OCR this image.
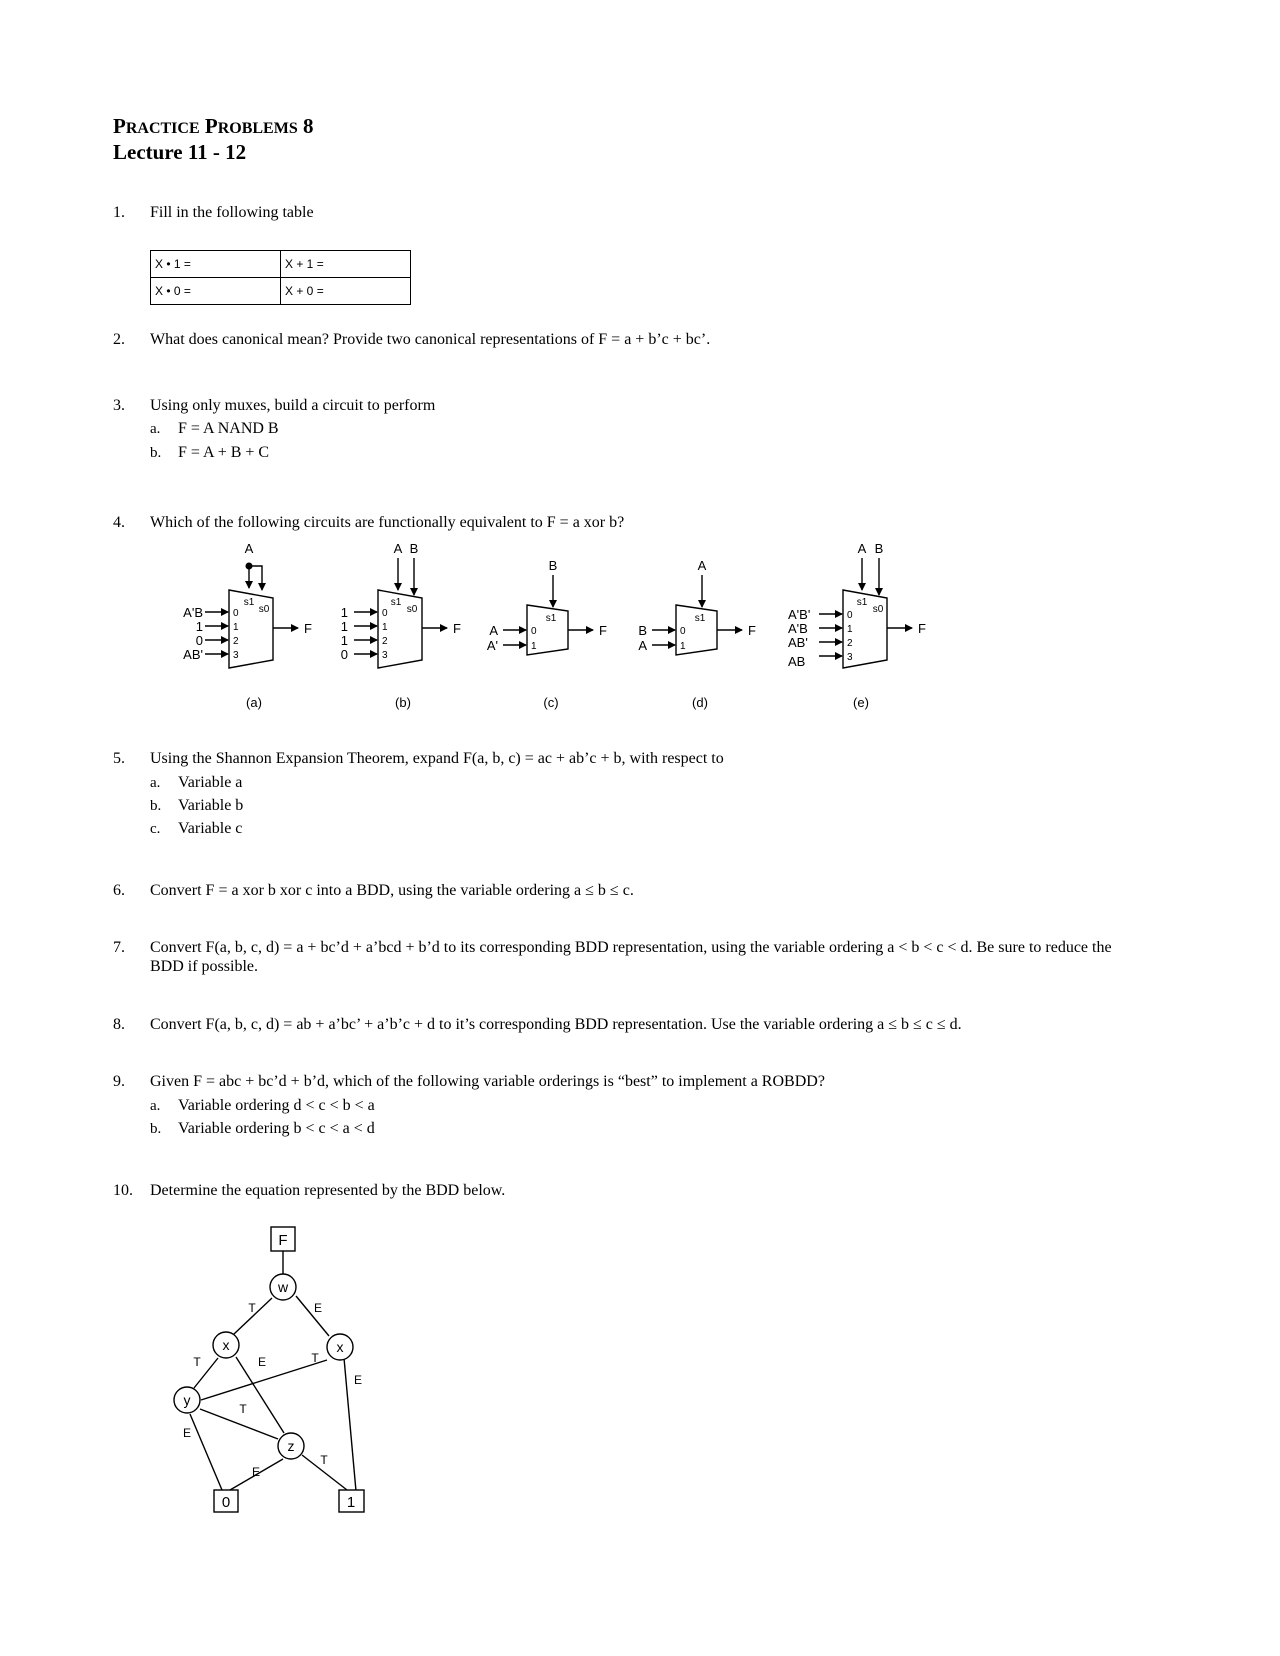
PRACTICE PROBLEMS 8
Lecture 11 - 12
1. Fill in the following table
X • 1 =	X + 1 =
X • 0 =	X + 0 =
2. What does canonical mean? Provide two canonical representations of F = a + b’c + bc’.
3. Using only muxes, build a circuit to perform
a. F = A NAND B
b. F = A + B + C
4. Which of the following circuits are functionally equivalent to F = a xor b?
A
s1
s0
A'B
1
0
AB'
0
1
2
3
F
(a)
A B
s1
s0
1
1
1
0
0
1
2
3
F
(b)
B
s1
A
A'
0
1
F
(c)
A
s1
B
A
0
1
F
(d)
A B
s1
s0
A'B'
A'B
AB'
AB
0
1
2
3
F
(e)
5. Using the Shannon Expansion Theorem, expand F(a, b, c) = ac + ab’c + b, with respect to
a. Variable a
b. Variable b
c. Variable c
6. Convert F = a xor b xor c into a BDD, using the variable ordering a ≤ b ≤ c.
7. Convert F(a, b, c, d) = a + bc’d + a’bcd + b’d to its corresponding BDD representation, using the variable ordering a < b < c < d. Be sure to reduce the
BDD if possible.
8. Convert F(a, b, c, d) = ab + a’bc’ + a’b’c + d to it’s corresponding BDD representation. Use the variable ordering a ≤ b ≤ c ≤ d.
9. Given F = abc + bc’d + b’d, which of the following variable orderings is “best” to implement a ROBDD?
a. Variable ordering d < c < b < a
b. Variable ordering b < c < a < d
10. Determine the equation represented by the BDD below.
F
w
x	x
y
z
0	1
T	E
T	E	T
E
T
E
E
T
